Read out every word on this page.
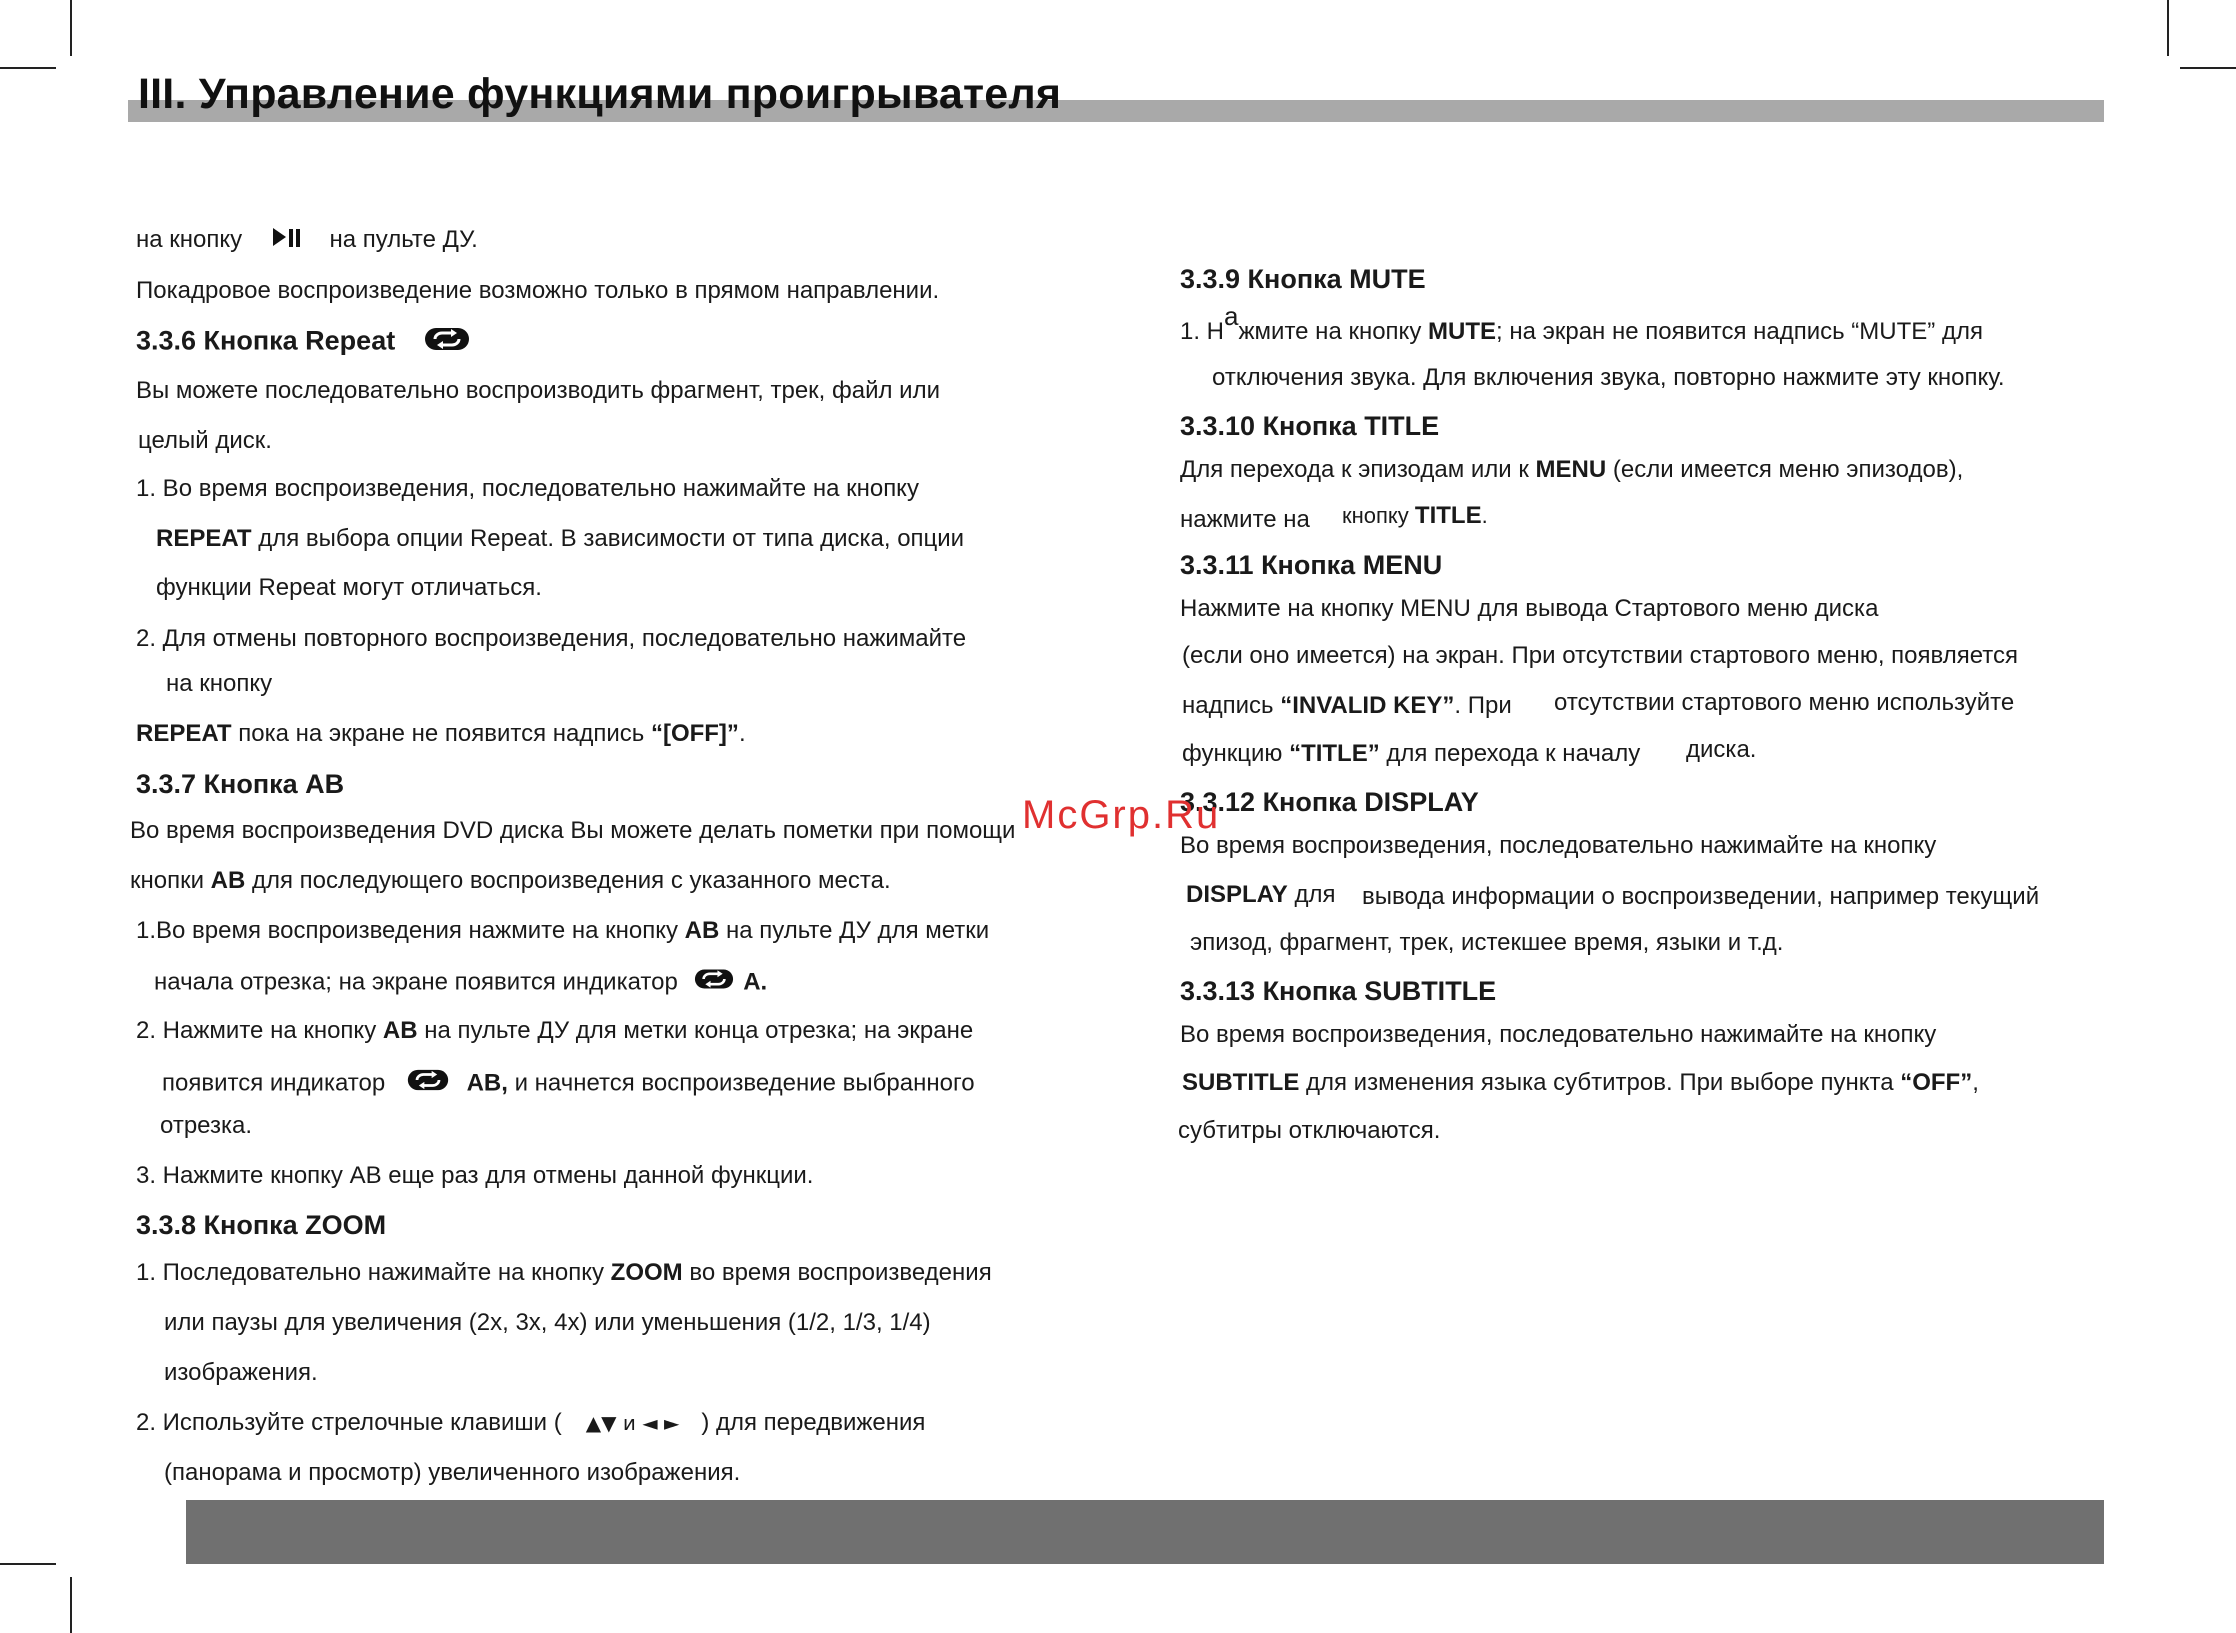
III. Управление функциями проигрывателя
на кнопку	на пульте ДУ.
Покадровое воспроизведение возможно только в прямом направлении.
3.3.6 Кнопка Repeat
Вы можете последовательно воспроизводить фрагмент, трек, файл или
целый диск.
1. Во время воспроизведения, последовательно нажимайте на кнопку
REPEAT для выбора опции Repeat. В зависимости от типа диска, опции
функции Repeat могут отличаться.
2. Для отмены повторного воспроизведения, последовательно нажимайте
на кнопку
REPEAT пока на экране не появится надпись “[OFF]”.
3.3.7 Кнопка AB
Во время воспроизведения DVD диска Вы можете делать пометки при помощи
кнопки AB для последующего воспроизведения с указанного места.
1.Во время воспроизведения нажмите на кнопку AB на пульте ДУ для метки
начала отрезка; на экране появится индикатор	A.
2. Нажмите на кнопку AB на пульте ДУ для метки конца отрезка; на экране
появится индикатор	AB, и начнется воспроизведение выбранного
отрезка.
3. Нажмите кнопку AB еще раз для отмены данной функции.
3.3.8 Кнопка ZOOM
1. Последовательно нажимайте на кнопку ZOOM во время воспроизведения
или паузы для увеличения (2x, 3x, 4x) или уменьшения (1/2, 1/3, 1/4)
изображения.
2. Используйте стрелочные клавиши ( ▲▼ и ◄ ► ) для передвижения
(панорама и просмотр) увеличенного изображения.
3.3.9 Кнопка MUTE
1. Нажмите на кнопку MUTE; на экран не появится надпись “MUTE” для
отключения звука. Для включения звука, повторно нажмите эту кнопку.
3.3.10 Кнопка TITLE
Для перехода к эпизодам или к MENU (если имеется меню эпизодов),
нажмите на кнопку TITLE.
3.3.11 Кнопка MENU
Нажмите на кнопку MENU для вывода Стартового меню диска
(если оно имеется) на экран. При отсутствии стартового меню, появляется
надпись “INVALID KEY”. При отсутствии стартового меню используйте
функцию “TITLE” для перехода к началу диска.
3.3.12 Кнопка DISPLAY
Во время воспроизведения, последовательно нажимайте на кнопку
DISPLAY для вывода информации о воспроизведении, например текущий
эпизод, фрагмент, трек, истекшее время, языки и т.д.
3.3.13 Кнопка SUBTITLE
Во время воспроизведения, последовательно нажимайте на кнопку
SUBTITLE для изменения языка субтитров. При выборе пункта “OFF”,
субтитры отключаются.
McGrp.Ru
